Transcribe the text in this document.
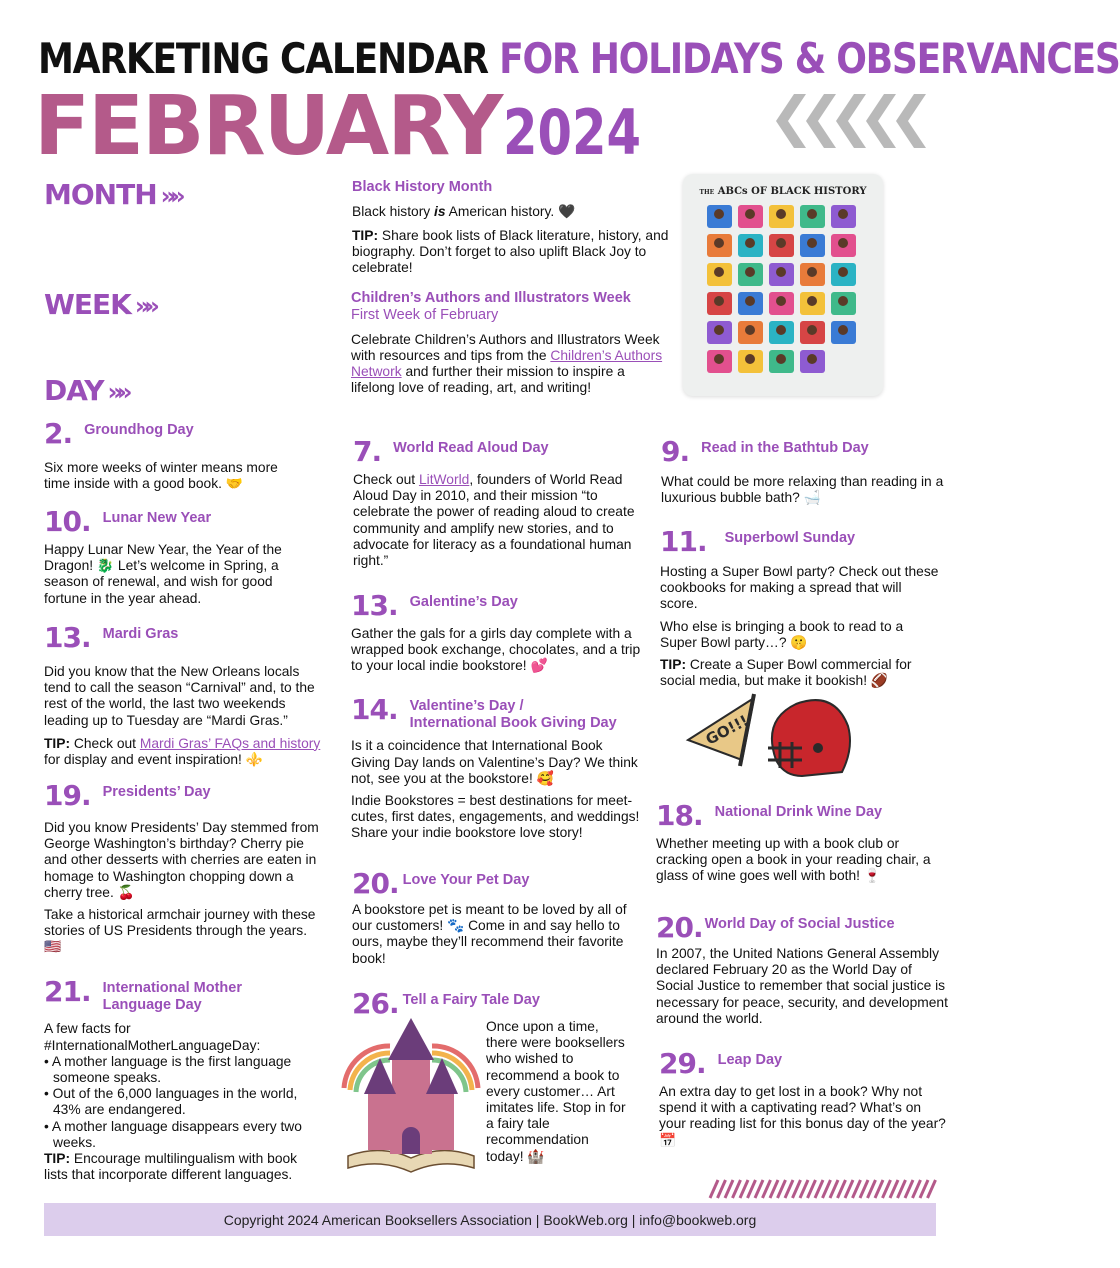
MARKETING CALENDAR FOR HOLIDAYS & OBSERVANCES
FEBRUARY2024
MONTH »»
WEEK »»
DAY »»
Black History Month

Black history is American history. 🖤

TIP: Share book lists of Black literature, history, and biography. Don’t forget to also uplift Black Joy to celebrate!

Children’s Authors and Illustrators Week
First Week of February
Celebrate Children’s Authors and Illustrators Week with resources and tips from the Children’s Authors Network and further their mission to inspire a lifelong love of reading, art, and writing!
THE ABCs OF BLACK HISTORY
2. Groundhog Day
Six more weeks of winter means more time inside with a good book. 🤝
10. Lunar New Year
Happy Lunar New Year, the Year of the Dragon! 🐉 Let’s welcome in Spring, a season of renewal, and wish for good fortune in the year ahead.
13. Mardi Gras

Did you know that the New Orleans locals tend to call the season “Carnival” and, to the rest of the world, the last two weekends leading up to Tuesday are “Mardi Gras.”

TIP: Check out Mardi Gras’ FAQs and history for display and event inspiration! ⚜️

19. Presidents’ Day

Did you know Presidents’ Day stemmed from George Washington’s birthday? Cherry pie and other desserts with cherries are eaten in homage to Washington chopping down a cherry tree. 🍒

Take a historical armchair journey with these stories of US Presidents through the years. 🇺🇸

21. International Mother Language Day

A few facts for #InternationalMotherLanguageDay:

• A mother language is the first language someone speaks.
• Out of the 6,000 languages in the world, 43% are endangered.
• A mother language disappears every two weeks.

TIP: Encourage multilingualism with book lists that incorporate different languages.

7. World Read Aloud Day
Check out LitWorld, founders of World Read Aloud Day in 2010, and their mission “to celebrate the power of reading aloud to create community and amplify new stories, and to advocate for literacy as a foundational human right.”
13. Galentine’s Day
Gather the gals for a girls day complete with a wrapped book exchange, chocolates, and a trip to your local indie bookstore! 💕
14. Valentine’s Day /
International Book Giving Day

Is it a coincidence that International Book Giving Day lands on Valentine’s Day? We think not, see you at the bookstore! 🥰

Indie Bookstores = best destinations for meet-cutes, first dates, engagements, and weddings! Share your indie bookstore love story!

20. Love Your Pet Day
A bookstore pet is meant to be loved by all of our customers! 🐾 Come in and say hello to ours, maybe they’ll recommend their favorite book!
26. Tell a Fairy Tale Day
Once upon a time, there were booksellers who wished to recommend a book to every customer… Art imitates life. Stop in for a fairy tale recommendation today! 🏰
9. Read in the Bathtub Day
What could be more relaxing than reading in a luxurious bubble bath? 🛁
11. Superbowl Sunday

Hosting a Super Bowl party? Check out these cookbooks for making a spread that will score.

Who else is bringing a book to read to a Super Bowl party…? 🤫

TIP: Create a Super Bowl commercial for social media, but make it bookish! 🏈

GO!!!
18. National Drink Wine Day
Whether meeting up with a book club or cracking open a book in your reading chair, a glass of wine goes well with both! 🍷
20. World Day of Social Justice
In 2007, the United Nations General Assembly declared February 20 as the World Day of Social Justice to remember that social justice is necessary for peace, security, and development around the world.
29. Leap Day
An extra day to get lost in a book? Why not spend it with a captivating read? What’s on your reading list for this bonus day of the year? 📅
Copyright 2024 American Booksellers Association | BookWeb.org | info@bookweb.org
